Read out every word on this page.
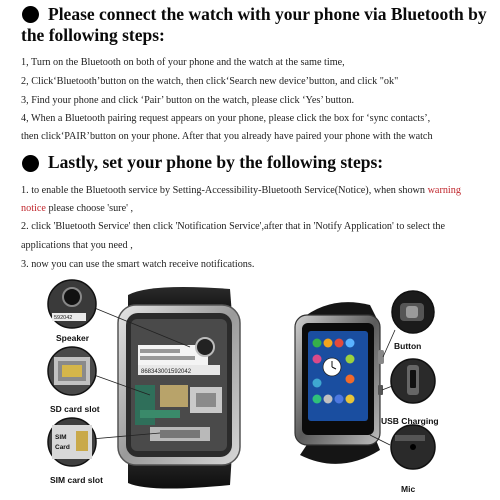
Please connect the watch with your phone via Bluetooth by
the following steps:
1, Turn on the Bluetooth on both of your phone and the watch at the same time,
2, Click‘Bluetooth’button on the watch, then click‘Search new device’button, and click "ok"
3, Find your phone and click ‘Pair’ button on the watch, please click ‘Yes’ button.
4, When a Bluetooth pairing request appears on your phone, please click the box for ‘sync contacts’,
then click‘PAIR’button on your phone. After that you already have paired your phone with the watch
Lastly, set your phone by the following steps:
1. to enable the Bluetooth service by Setting-Accessibility-Bluetooth Service(Notice), when shown warning
notice please choose 'sure' ,
2. click 'Bluetooth Service' then click 'Notification Service',after that in 'Notify Application' to select the
applications that you need ,
3. now you can use the smart watch receive notifications.
868343001592042
592042
SIM
Card
Speaker
SD card slot
SIM card slot
Button
USB Charging
Mic
